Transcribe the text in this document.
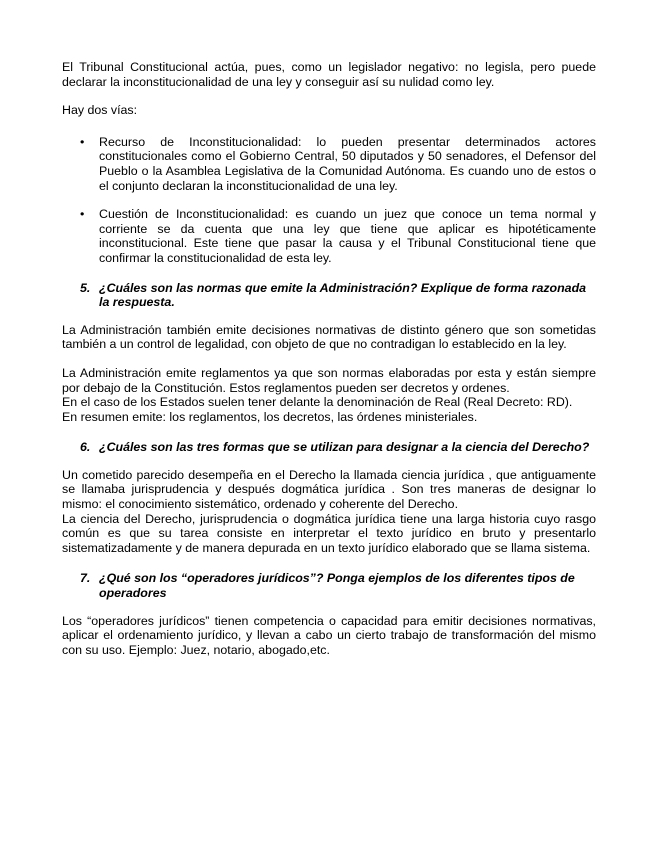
El Tribunal Constitucional actúa, pues, como un legislador negativo: no legisla, pero puede declarar la inconstitucionalidad de una ley y conseguir así su nulidad como ley.

Hay dos vías:

• Recurso de Inconstitucionalidad: lo pueden presentar determinados actores constitucionales como el Gobierno Central, 50 diputados y 50 senadores, el Defensor del Pueblo o la Asamblea Legislativa de la Comunidad Autónoma. Es cuando uno de estos o el conjunto declaran la inconstitucionalidad de una ley.
• Cuestión de Inconstitucionalidad: es cuando un juez que conoce un tema normal y corriente se da cuenta que una ley que tiene que aplicar es hipotéticamente inconstitucional. Este tiene que pasar la causa y el Tribunal Constitucional tiene que confirmar la constitucionalidad de esta ley.
5. ¿Cuáles son las normas que emite la Administración? Explique de forma razonada la respuesta.

La Administración también emite decisiones normativas de distinto género que son sometidas también a un control de legalidad, con objeto de que no contradigan lo establecido en la ley.

La Administración emite reglamentos ya que son normas elaboradas por esta y están siempre por debajo de la Constitución. Estos reglamentos pueden ser decretos y ordenes.

En el caso de los Estados suelen tener delante la denominación de Real (Real Decreto: RD).

En resumen emite: los reglamentos, los decretos, las órdenes ministeriales.

6. ¿Cuáles son las tres formas que se utilizan para designar a la ciencia del Derecho?

Un cometido parecido desempeña en el Derecho la llamada ciencia jurídica , que antiguamente se llamaba jurisprudencia y después dogmática jurídica . Son tres maneras de designar lo mismo: el conocimiento sistemático, ordenado y coherente del Derecho.

La ciencia del Derecho, jurisprudencia o dogmática jurídica tiene una larga historia cuyo rasgo común es que su tarea consiste en interpretar el texto jurídico en bruto y presentarlo sistematizadamente y de manera depurada en un texto jurídico elaborado que se llama sistema.

7. ¿Qué son los “operadores jurídicos”? Ponga ejemplos de los diferentes tipos de operadores

Los “operadores jurídicos” tienen competencia o capacidad para emitir decisiones normativas, aplicar el ordenamiento jurídico, y llevan a cabo un cierto trabajo de transformación del mismo con su uso. Ejemplo: Juez, notario, abogado,etc.
